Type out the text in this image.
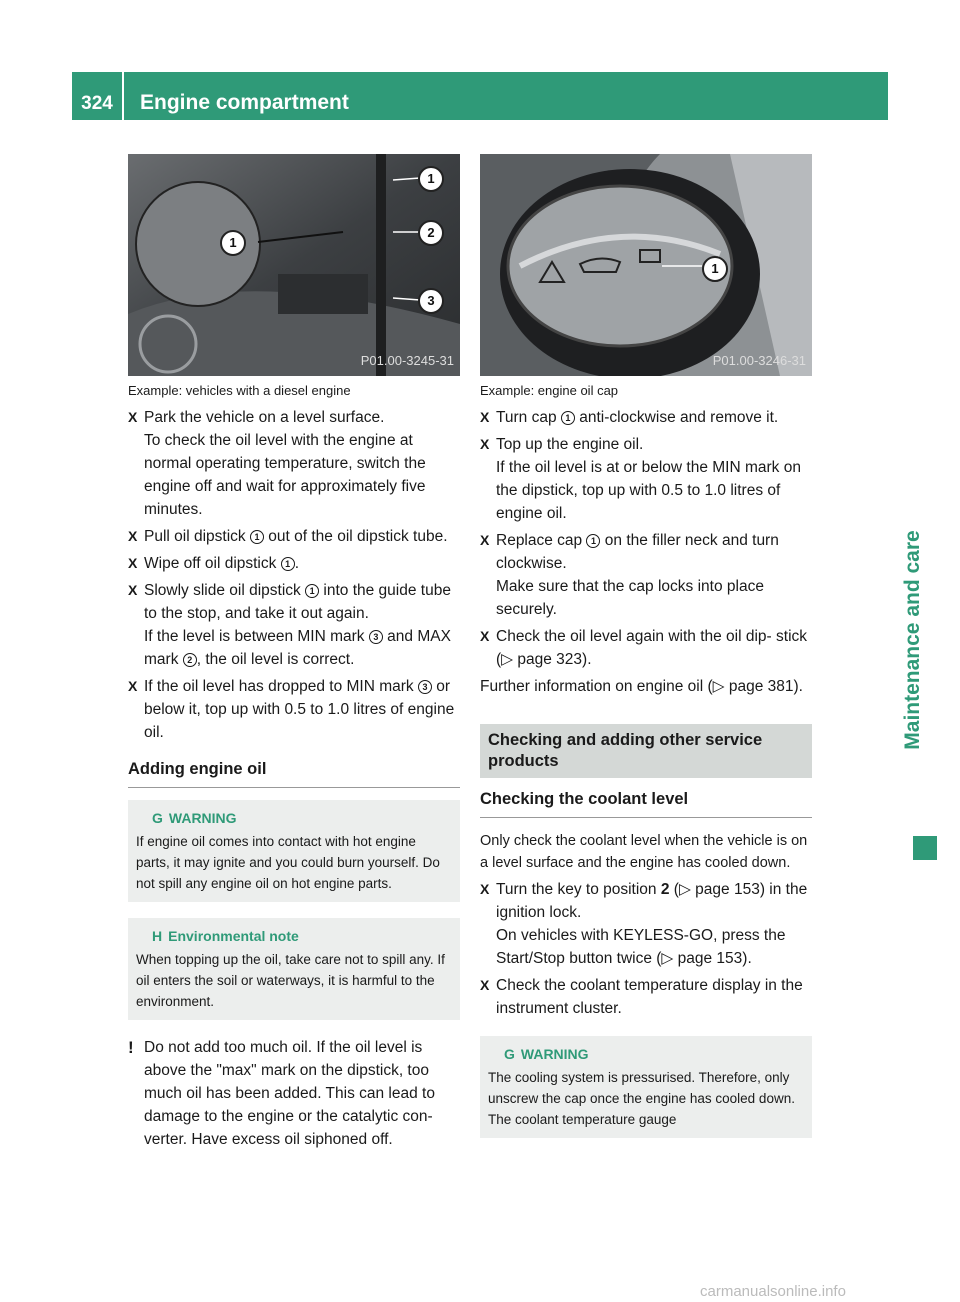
324	Engine compartment
Maintenance and care
1
1
2
3
P01.00-3245-31
Example: vehicles with a diesel engine
X Park the vehicle on a level surface.

To check the oil level with the engine at normal operating temperature, switch the engine off and wait for approximately five minutes.

X Pull oil dipstick 1 out of the oil dipstick tube.

X Wipe off oil dipstick 1 .

X Slowly slide oil dipstick 1 into the guide tube to the stop, and take it out again.

If the level is between MIN mark 3 and MAX mark 2 , the oil level is correct.

X If the oil level has dropped to MIN mark 3 or below it, top up with 0.5 to 1.0 litres of engine oil.

Adding engine oil
G WARNING
If engine oil comes into contact with hot engine parts, it may ignite and you could burn yourself. Do not spill any engine oil on hot engine parts.
H Environmental note
When topping up the oil, take care not to spill any. If oil enters the soil or waterways, it is harmful to the environment.
! Do not add too much oil. If the oil level is above the "max" mark on the dipstick, too much oil has been added. This can lead to damage to the engine or the catalytic con- verter. Have excess oil siphoned off.
1
P01.00-3246-31
Example: engine oil cap
X Turn cap 1 anti-clockwise and remove it.

X Top up the engine oil.

If the oil level is at or below the MIN mark on the dipstick, top up with 0.5 to 1.0 litres of engine oil.

X Replace cap 1 on the filler neck and turn clockwise.

Make sure that the cap locks into place securely.

X Check the oil level again with the oil dip- stick (▷ page 323).

Further information on engine oil (▷ page 381).

Checking and adding other service products
Checking the coolant level

Only check the coolant level when the vehicle is on a level surface and the engine has cooled down.

X Turn the key to position 2 (▷ page 153) in the ignition lock.

On vehicles with KEYLESS-GO, press the Start/Stop button twice (▷ page 153).

X Check the coolant temperature display in the instrument cluster.

G WARNING
The cooling system is pressurised. Therefore, only unscrew the cap once the engine has cooled down. The coolant temperature gauge
carmanualsonline.info
